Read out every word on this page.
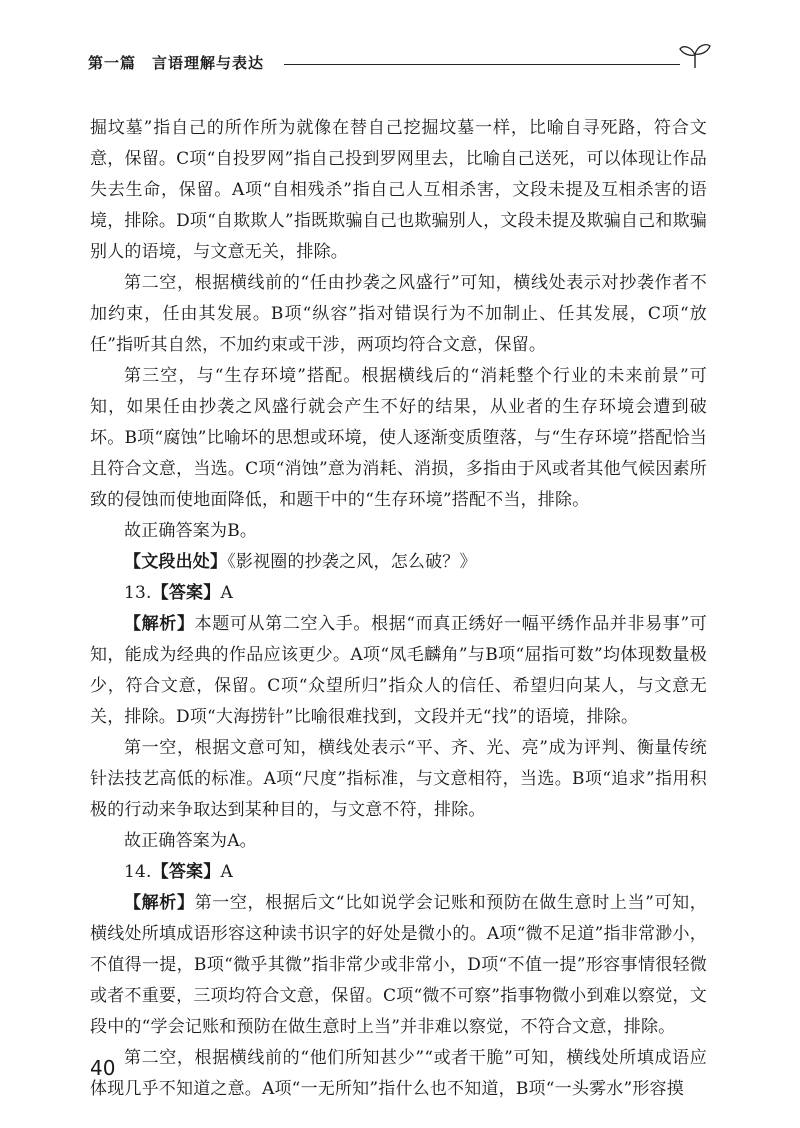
第一篇　言语理解与表达

掘坟墓”指自己的所作所为就像在替自己挖掘坟墓一样，比喻自寻死路，符合文意，保留。C项“自投罗网”指自己投到罗网里去，比喻自己送死，可以体现让作品失去生命，保留。A项“自相残杀”指自己人互相杀害，文段未提及互相杀害的语境，排除。D项“自欺欺人”指既欺骗自己也欺骗别人，文段未提及欺骗自己和欺骗别人的语境，与文意无关，排除。

第二空，根据横线前的“任由抄袭之风盛行”可知，横线处表示对抄袭作者不加约束，任由其发展。B项“纵容”指对错误行为不加制止、任其发展，C项“放任”指听其自然，不加约束或干涉，两项均符合文意，保留。

第三空，与“生存环境”搭配。根据横线后的“消耗整个行业的未来前景”可知，如果任由抄袭之风盛行就会产生不好的结果，从业者的生存环境会遭到破坏。B项“腐蚀”比喻坏的思想或环境，使人逐渐变质堕落，与“生存环境”搭配恰当且符合文意，当选。C项“消蚀”意为消耗、消损，多指由于风或者其他气候因素所致的侵蚀而使地面降低，和题干中的“生存环境”搭配不当，排除。

故正确答案为B。

【文段出处】《影视圈的抄袭之风，怎么破？》

13.【答案】A

【解析】本题可从第二空入手。根据“而真正绣好一幅平绣作品并非易事”可知，能成为经典的作品应该更少。A项“凤毛麟角”与B项“屈指可数”均体现数量极少，符合文意，保留。C项“众望所归”指众人的信任、希望归向某人，与文意无关，排除。D项“大海捞针”比喻很难找到，文段并无“找”的语境，排除。

第一空，根据文意可知，横线处表示“平、齐、光、亮”成为评判、衡量传统针法技艺高低的标准。A项“尺度”指标准，与文意相符，当选。B项“追求”指用积极的行动来争取达到某种目的，与文意不符，排除。

故正确答案为A。

14.【答案】A

【解析】第一空，根据后文“比如说学会记账和预防在做生意时上当”可知，横线处所填成语形容这种读书识字的好处是微小的。A项“微不足道”指非常渺小，不值得一提，B项“微乎其微”指非常少或非常小，D项“不值一提”形容事情很轻微或者不重要，三项均符合文意，保留。C项“微不可察”指事物微小到难以察觉，文段中的“学会记账和预防在做生意时上当”并非难以察觉，不符合文意，排除。

第二空，根据横线前的“他们所知甚少”“或者干脆”可知，横线处所填成语应体现几乎不知道之意。A项“一无所知”指什么也不知道，B项“一头雾水”形容摸

40
